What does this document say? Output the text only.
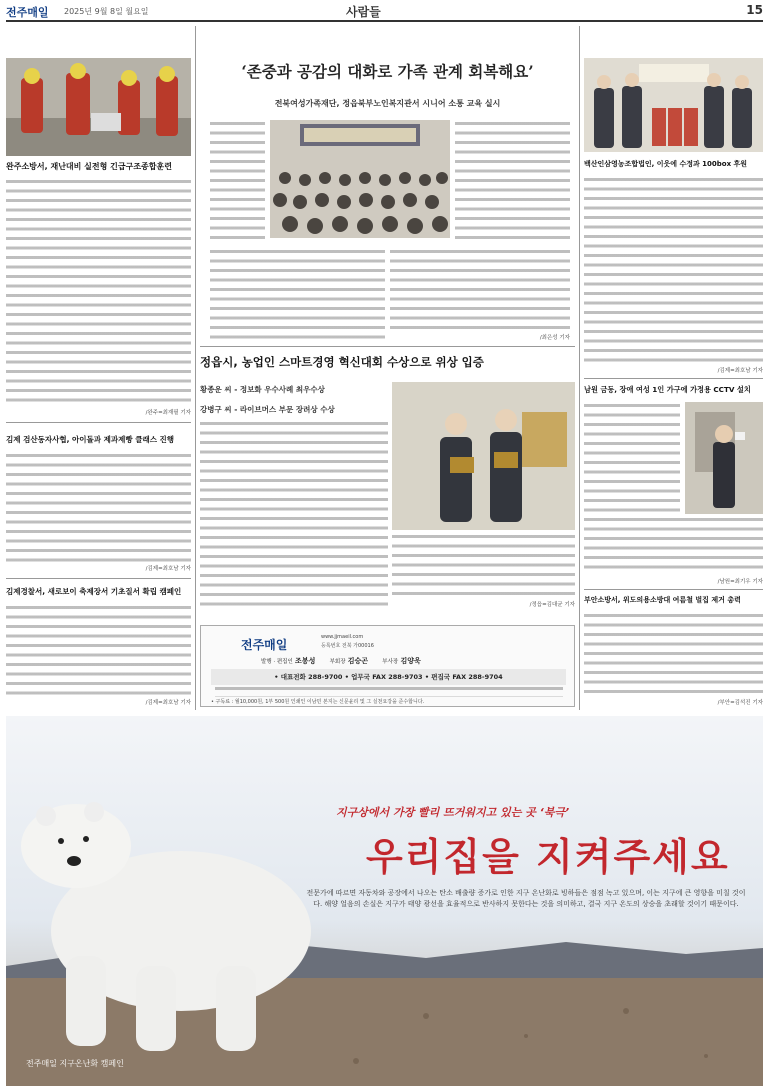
전주매일 2025년 9월 8일 월요일	사람들	15
완주소방서, 재난대비 실전형 긴급구조종합훈련
/완주=최재필 기자
김제 검산동자사협, 아이돌과 제과제빵 클래스 진행
/김제=최호남 기자
김제경찰서, 새로보이 축제장서 기초질서 확립 캠페인
/김제=최호남 기자
‘존중과 공감의 대화로 가족 관계 회복해요’
전북여성가족재단, 정읍북부노인복지관서 시니어 소통 교육 실시
/최은성 기자
정읍시, 농업인 스마트경영 혁신대회 수상으로 위상 입증
황종운 씨 - 정보화 우수사례 최우수상
강병구 씨 - 라이브머스 부문 장려상 수상
/정읍=김대균 기자
전주매일
www.jjmaeil.com
등록번호 전북 가00016
발행 · 편집인 조봉성	부회장 김승곤	부사장 김양욱
• 대표전화 288-9700 • 업무국 FAX 288-9703 • 편집국 FAX 288-9704
• 구독료 : 월10,000원, 1부 500원 인쇄인 이남민 본지는 신문윤리 및 그 실천요강을 준수합니다.
백산인삼영농조합법인, 이웃에 수정과 100box 후원
/김제=최호남 기자
남원 금동, 장애 여성 1인 가구에 가정용 CCTV 설치
/남원=최기우 기자
부안소방서, 위도의용소방대 여름철 벌집 제거 총력
/부안=김석진 기자
지구상에서 가장 빨리 뜨거워지고 있는 곳 ‘북극’
우리집을 지켜주세요
전문가에 따르면 자동차와 공장에서 나오는 탄소 배출량 증가로 인한 지구 온난화로 빙하들은 점점 녹고 있으며, 이는 지구에 큰 영향을 미칠 것이다. 해양 얼음의 손실은 지구가 태양 광선을 효율적으로 반사하지 못한다는 것을 의미하고, 결국 지구 온도의 상승을 초래할 것이기 때문이다.
전주매일 지구온난화 캠페인
